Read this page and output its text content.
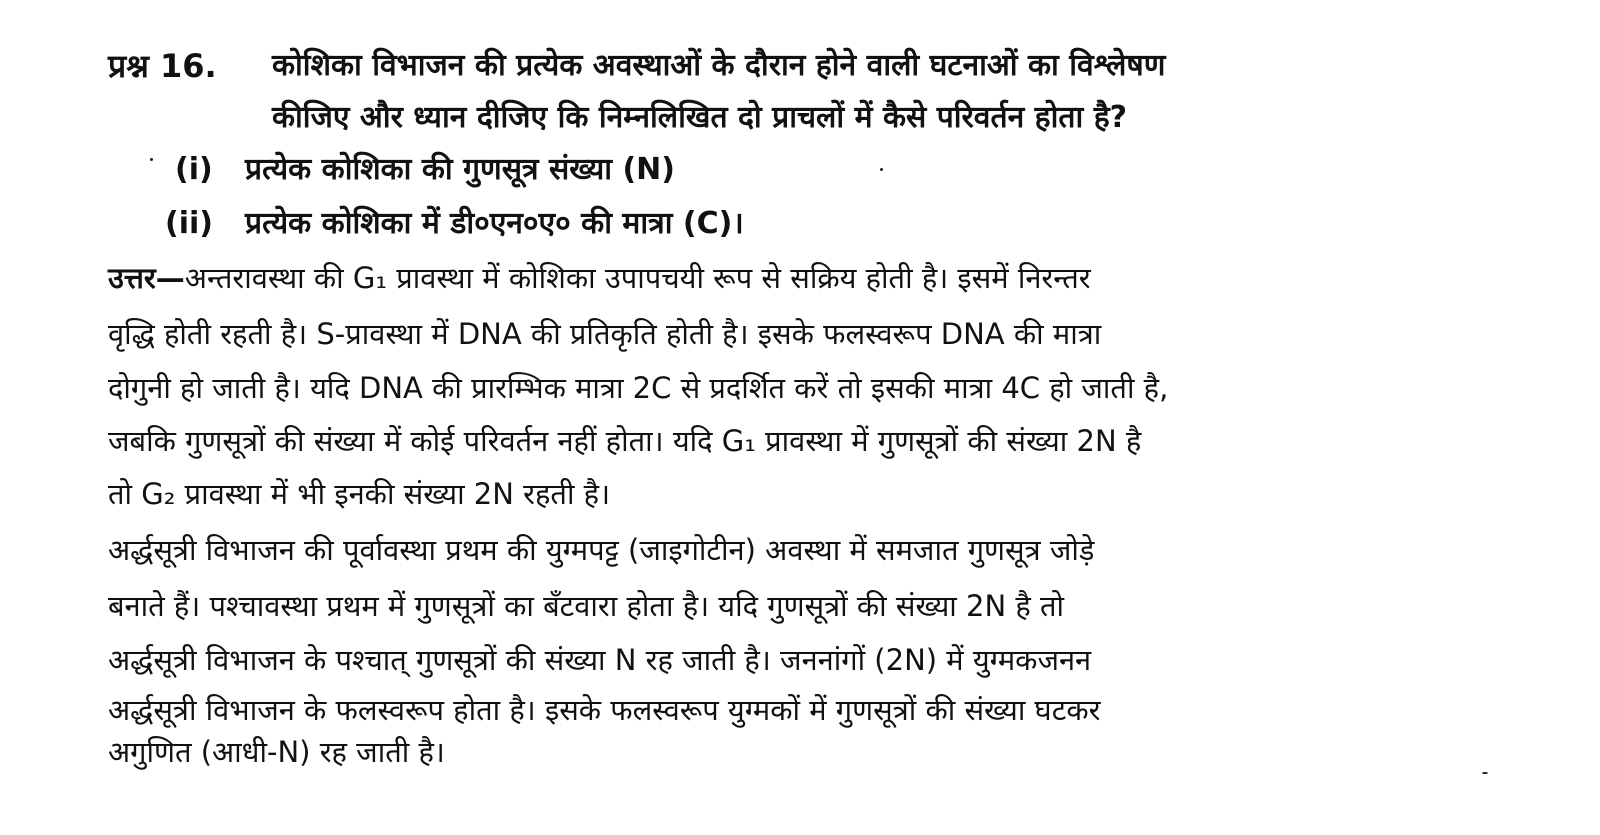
प्रश्न 16. कोशिका विभाजन की प्रत्येक अवस्थाओं के दौरान होने वाली घटनाओं का विश्लेषण
कीजिए और ध्यान दीजिए कि निम्नलिखित दो प्राचलों में कैसे परिवर्तन होता है?
(i) प्रत्येक कोशिका की गुणसूत्र संख्या (N)
(ii) प्रत्येक कोशिका में डी०एन०ए० की मात्रा (C)।
उत्तर—अन्तरावस्था की G₁ प्रावस्था में कोशिका उपापचयी रूप से सक्रिय होती है। इसमें निरन्तर
वृद्धि होती रहती है। S-प्रावस्था में DNA की प्रतिकृति होती है। इसके फलस्वरूप DNA की मात्रा
दोगुनी हो जाती है। यदि DNA की प्रारम्भिक मात्रा 2C से प्रदर्शित करें तो इसकी मात्रा 4C हो जाती है,
जबकि गुणसूत्रों की संख्या में कोई परिवर्तन नहीं होता। यदि G₁ प्रावस्था में गुणसूत्रों की संख्या 2N है
तो G₂ प्रावस्था में भी इनकी संख्या 2N रहती है।
अर्द्धसूत्री विभाजन की पूर्वावस्था प्रथम की युग्मपट्ट (जाइगोटीन) अवस्था में समजात गुणसूत्र जोड़े
बनाते हैं। पश्चावस्था प्रथम में गुणसूत्रों का बँटवारा होता है। यदि गुणसूत्रों की संख्या 2N है तो
अर्द्धसूत्री विभाजन के पश्चात् गुणसूत्रों की संख्या N रह जाती है। जननांगों (2N) में युग्मकजनन
अर्द्धसूत्री विभाजन के फलस्वरूप होता है। इसके फलस्वरूप युग्मकों में गुणसूत्रों की संख्या घटकर
अगुणित (आधी-N) रह जाती है।
